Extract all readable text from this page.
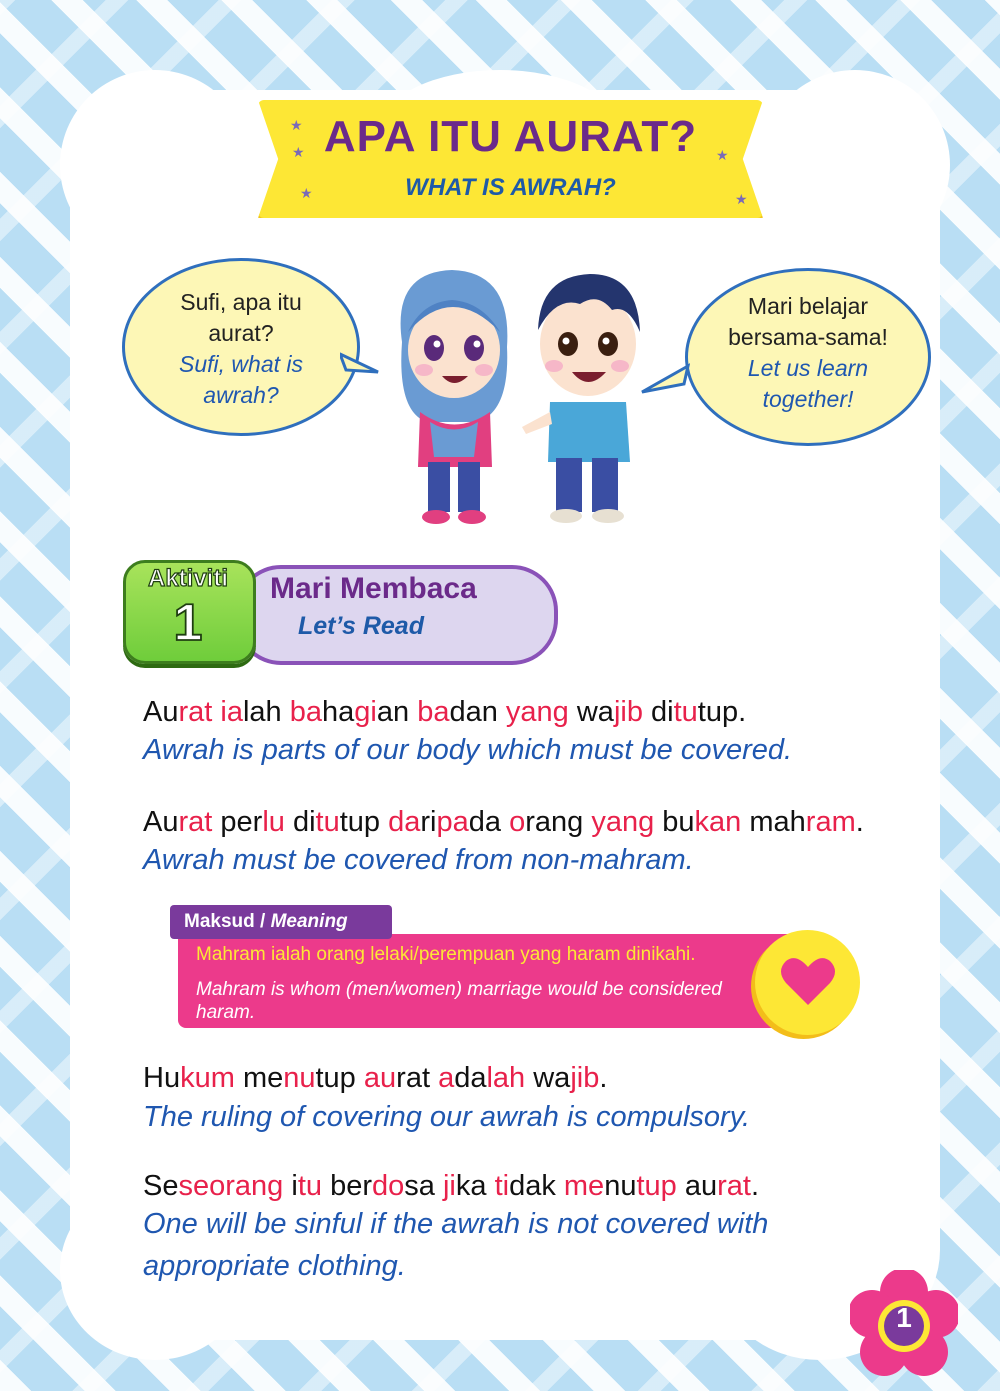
★
★
★
★
★
APA ITU AURAT?
WHAT IS AWRAH?
Sufi, apa itu
aurat?
Sufi, what is
awrah?
Mari belajar
bersama-sama!
Let us learn
together!
Aktiviti
1
Mari Membaca
Let’s Read
Aurat ialah bahagian badan yang wajib ditutup.
Awrah is parts of our body which must be covered.
Aurat perlu ditutup daripada orang yang bukan mahram.
Awrah must be covered from non-mahram.
Maksud / Meaning
Mahram ialah orang lelaki/perempuan yang haram dinikahi.
Mahram is whom (men/women) marriage would be considered haram.
Hukum menutup aurat adalah wajib.
The ruling of covering our awrah is compulsory.
Seseorang itu berdosa jika tidak menutup aurat.
One will be sinful if the awrah is not covered with
appropriate clothing.
1
